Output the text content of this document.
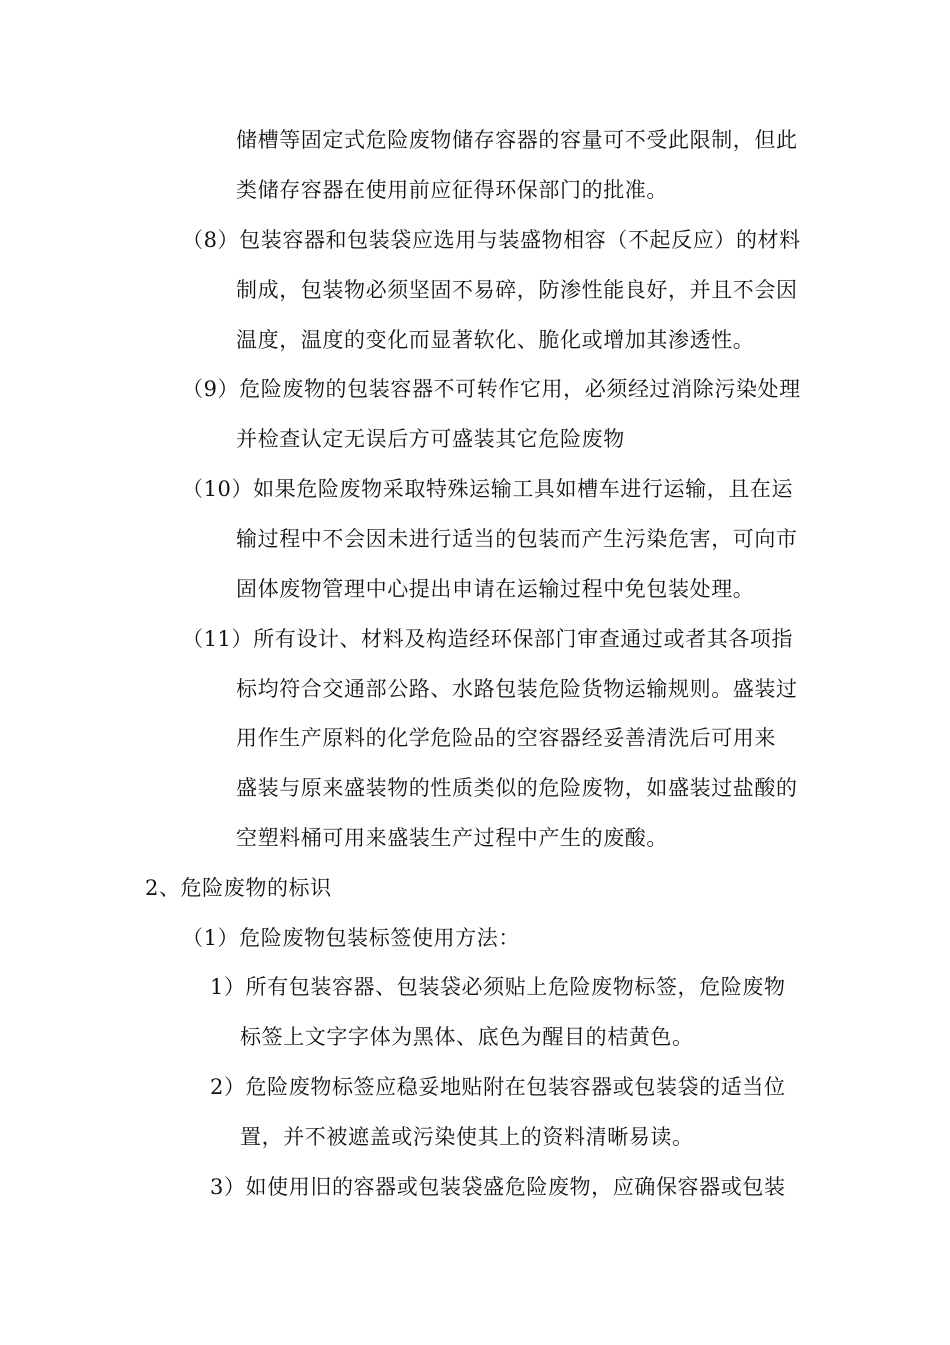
储槽等固定式危险废物储存容器的容量可不受此限制，但此
类储存容器在使用前应征得环保部门的批准。
（8）包装容器和包装袋应选用与装盛物相容（不起反应）的材料
制成，包装物必须坚固不易碎，防渗性能良好，并且不会因
温度，温度的变化而显著软化、脆化或增加其渗透性。
（9）危险废物的包装容器不可转作它用，必须经过消除污染处理
并检查认定无误后方可盛装其它危险废物
（10）如果危险废物采取特殊运输工具如槽车进行运输，且在运
输过程中不会因未进行适当的包装而产生污染危害，可向市
固体废物管理中心提出申请在运输过程中免包装处理。
（11）所有设计、材料及构造经环保部门审查通过或者其各项指
标均符合交通部公路、水路包装危险货物运输规则。盛装过
用作生产原料的化学危险品的空容器经妥善清洗后可用来
盛装与原来盛装物的性质类似的危险废物，如盛装过盐酸的
空塑料桶可用来盛装生产过程中产生的废酸。
2、危险废物的标识
（1）危险废物包装标签使用方法：
1）所有包装容器、包装袋必须贴上危险废物标签，危险废物
标签上文字字体为黑体、底色为醒目的桔黄色。
2）危险废物标签应稳妥地贴附在包装容器或包装袋的适当位
置，并不被遮盖或污染使其上的资料清晰易读。
3）如使用旧的容器或包装袋盛危险废物，应确保容器或包装
